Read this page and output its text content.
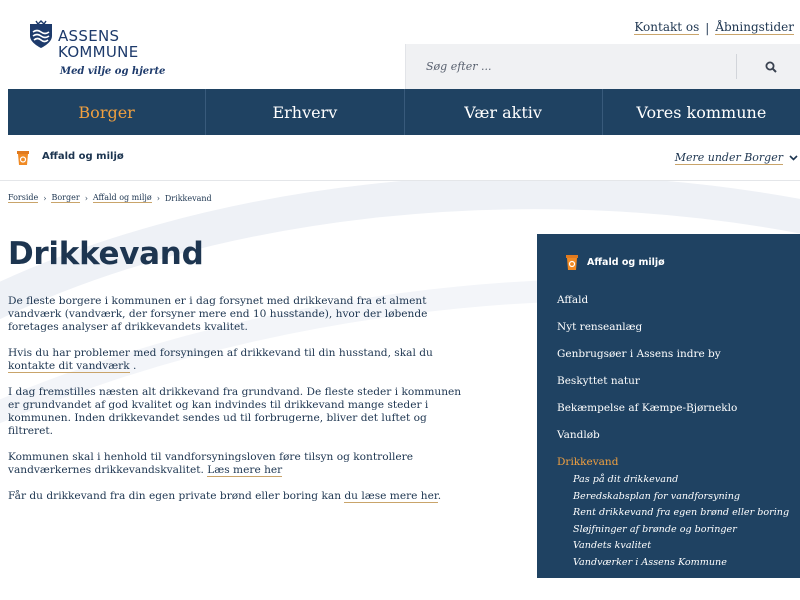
ASSENS
KOMMUNE
Med vilje og hjerte
Kontakt os | Åbningstider
Søg efter ...
Borger	Erhverv	Vær aktiv	Vores kommune
Affald og miljø	Mere under Borger
Forside › Borger › Affald og miljø › Drikkevand
Drikkevand

De fleste borgere i kommunen er i dag forsynet med drikkevand fra et alment vandværk (vandværk, der forsyner mere end 10 husstande), hvor der løbende foretages analyser af drikkevandets kvalitet.

Hvis du har problemer med forsyningen af drikkevand til din husstand, skal du kontakte dit vandværk .

I dag fremstilles næsten alt drikkevand fra grundvand. De fleste steder i kommunen er grundvandet af god kvalitet og kan indvindes til drikkevand mange steder i kommunen. Inden drikkevandet sendes ud til forbrugerne, bliver det luftet og filtreret.

Kommunen skal i henhold til vandforsyningsloven føre tilsyn og kontrollere vandværkernes drikkevandskvalitet. Læs mere her

Får du drikkevand fra din egen private brønd eller boring kan du læse mere her.

Affald og miljø
Affald
Nyt renseanlæg
Genbrugsøer i Assens indre by
Beskyttet natur
Bekæmpelse af Kæmpe-Bjørneklo
Vandløb
Drikkevand
Pas på dit drikkevand
Beredskabsplan for vandforsyning
Rent drikkevand fra egen brønd eller boring
Sløjfninger af brønde og boringer
Vandets kvalitet
Vandværker i Assens Kommune
